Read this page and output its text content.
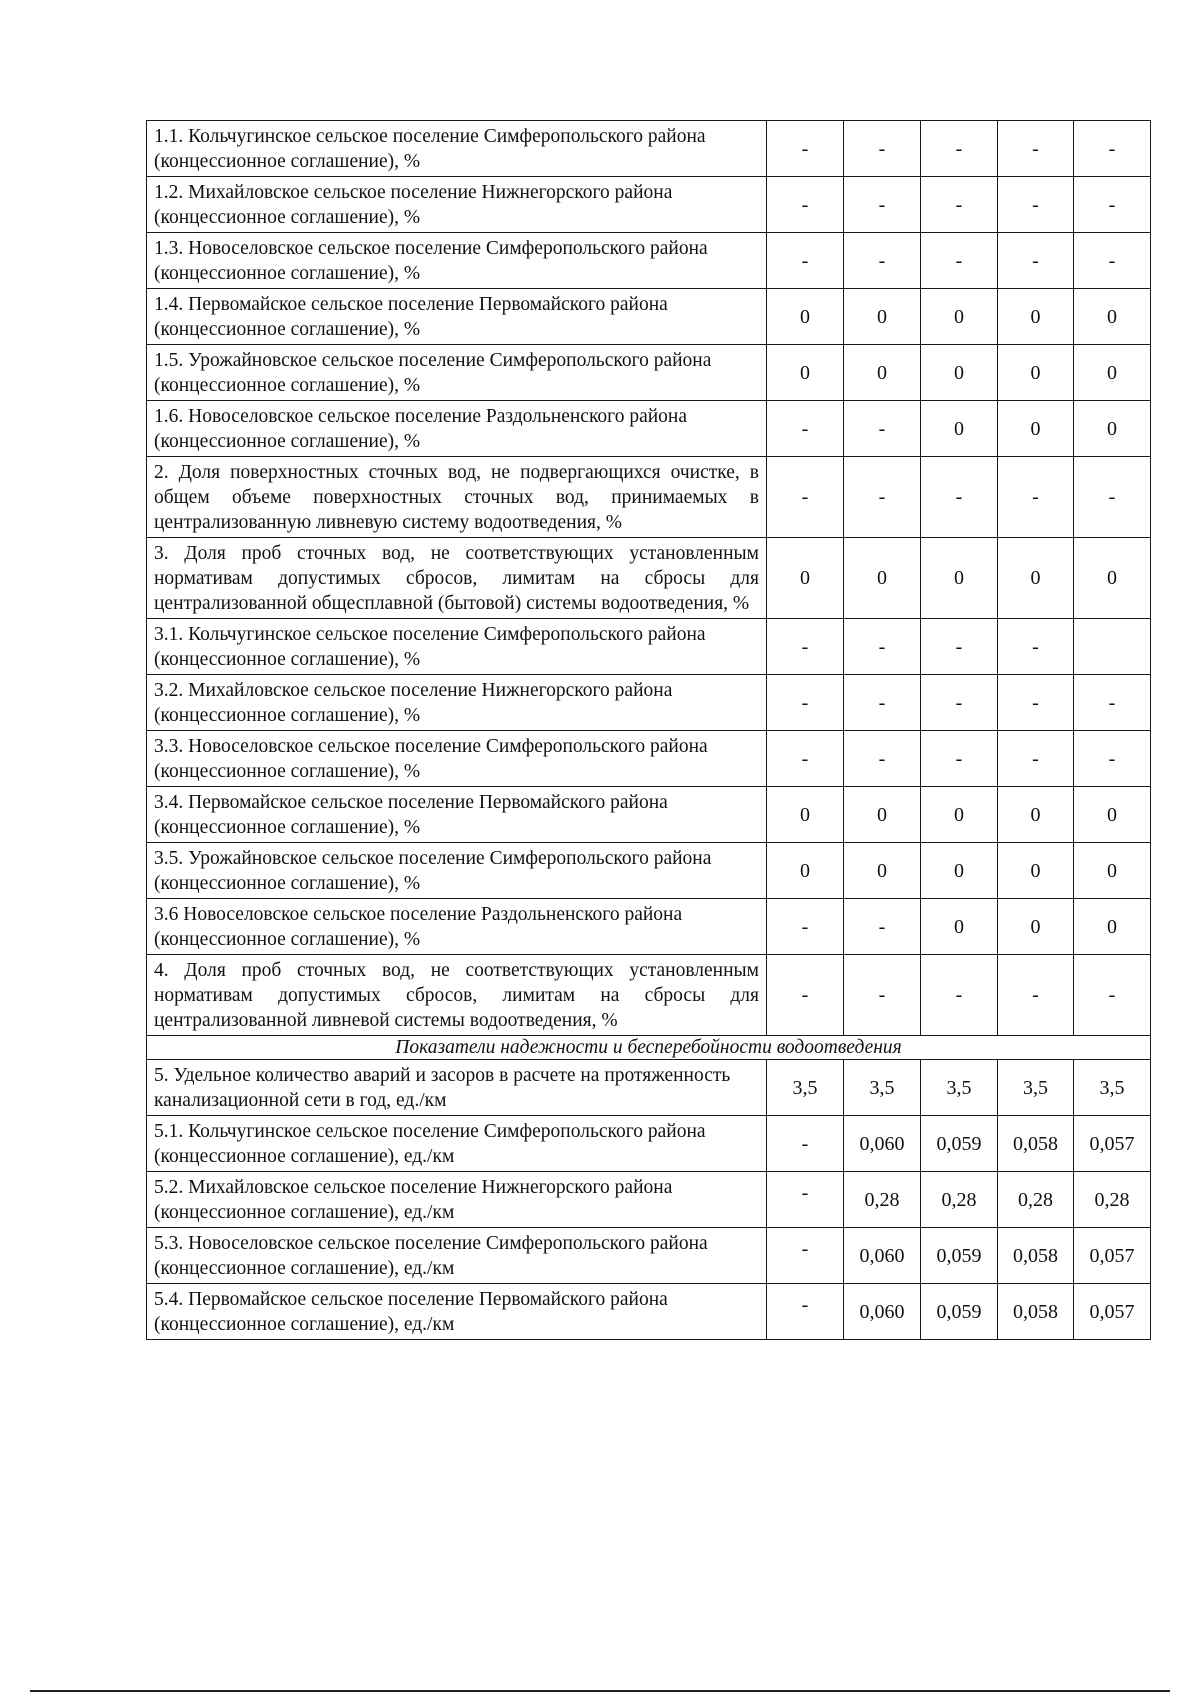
1.1. Кольчугинское сельское поселение Симферопольского района (концессионное соглашение), %	-	-	-	-	-
1.2. Михайловское сельское поселение Нижнегорского района (концессионное соглашение), %	-	-	-	-	-
1.3. Новоселовское сельское поселение Симферопольского района (концессионное соглашение), %	-	-	-	-	-
1.4. Первомайское сельское поселение Первомайского района (концессионное соглашение), %	0	0	0	0	0
1.5. Урожайновское сельское поселение Симферопольского района (концессионное соглашение), %	0	0	0	0	0
1.6. Новоселовское сельское поселение Раздольненского района (концессионное соглашение), %	-	-	0	0	0
2. Доля поверхностных сточных вод, не подвергающихся очистке, в общем объеме поверхностных сточных вод, принимаемых в централизованную ливневую систему водоотведения, %	-	-	-	-	-
3. Доля проб сточных вод, не соответствующих установленным нормативам допустимых сбросов, лимитам на сбросы для централизованной общесплавной (бытовой) системы водоотведения, %	0	0	0	0	0
3.1. Кольчугинское сельское поселение Симферопольского района (концессионное соглашение), %	-	-	-	-	
3.2. Михайловское сельское поселение Нижнегорского района (концессионное соглашение), %	-	-	-	-	-
3.3. Новоселовское сельское поселение Симферопольского района (концессионное соглашение), %	-	-	-	-	-
3.4. Первомайское сельское поселение Первомайского района (концессионное соглашение), %	0	0	0	0	0
3.5. Урожайновское сельское поселение Симферопольского района (концессионное соглашение), %	0	0	0	0	0
3.6 Новоселовское сельское поселение Раздольненского района (концессионное соглашение), %	-	-	0	0	0
4. Доля проб сточных вод, не соответствующих установленным нормативам допустимых сбросов, лимитам на сбросы для централизованной ливневой системы водоотведения, %	-	-	-	-	-
Показатели надежности и бесперебойности водоотведения					
5. Удельное количество аварий и засоров в расчете на протяженность канализационной сети в год, ед./км	3,5	3,5	3,5	3,5	3,5
5.1. Кольчугинское сельское поселение Симферопольского района (концессионное соглашение), ед./км	-	0,060	0,059	0,058	0,057
5.2. Михайловское сельское поселение Нижнегорского района (концессионное соглашение), ед./км	-	0,28	0,28	0,28	0,28
5.3. Новоселовское сельское поселение Симферопольского района (концессионное соглашение), ед./км	-	0,060	0,059	0,058	0,057
5.4. Первомайское сельское поселение Первомайского района (концессионное соглашение), ед./км	-	0,060	0,059	0,058	0,057
